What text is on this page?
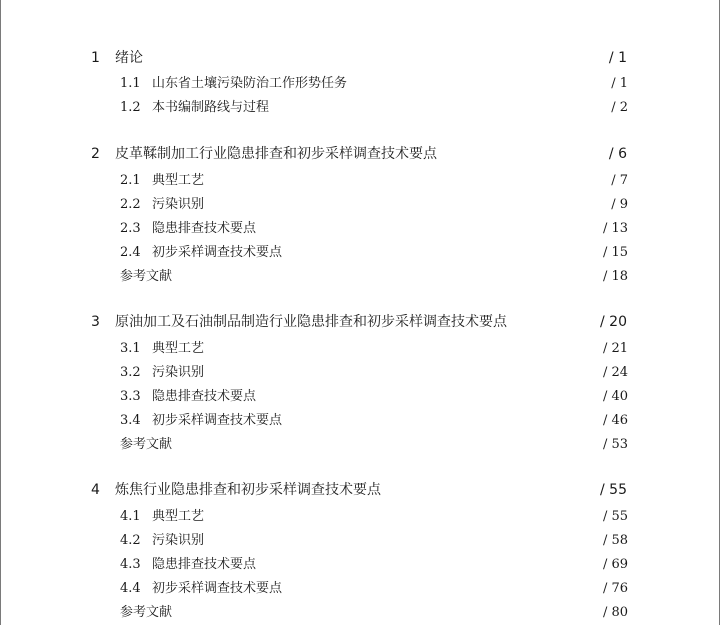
1 绪论	/ 1
1.1 山东省土壤污染防治工作形势任务	/ 1
1.2 本书编制路线与过程	/ 2
2 皮革鞣制加工行业隐患排查和初步采样调查技术要点	/ 6
2.1 典型工艺	/ 7
2.2 污染识别	/ 9
2.3 隐患排查技术要点	/ 13
2.4 初步采样调查技术要点	/ 15
参考文献	/ 18
3 原油加工及石油制品制造行业隐患排查和初步采样调查技术要点	/ 20
3.1 典型工艺	/ 21
3.2 污染识别	/ 24
3.3 隐患排查技术要点	/ 40
3.4 初步采样调查技术要点	/ 46
参考文献	/ 53
4 炼焦行业隐患排查和初步采样调查技术要点	/ 55
4.1 典型工艺	/ 55
4.2 污染识别	/ 58
4.3 隐患排查技术要点	/ 69
4.4 初步采样调查技术要点	/ 76
参考文献	/ 80
